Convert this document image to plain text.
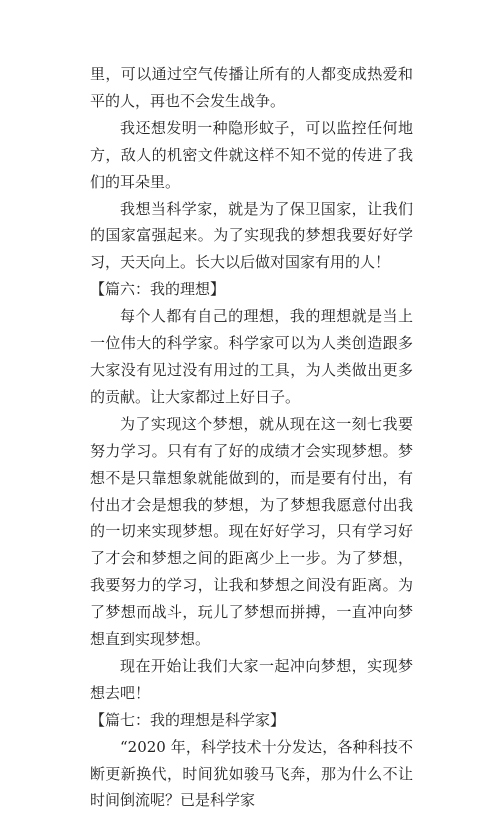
里，可以通过空气传播让所有的人都变成热爱和平的人，再也不会发生战争。

我还想发明一种隐形蚊子，可以监控任何地方，敌人的机密文件就这样不知不觉的传进了我们的耳朵里。

我想当科学家，就是为了保卫国家，让我们的国家富强起来。为了实现我的梦想我要好好学习，天天向上。长大以后做对国家有用的人！

【篇六：我的理想】

每个人都有自己的理想，我的理想就是当上一位伟大的科学家。科学家可以为人类创造跟多大家没有见过没有用过的工具，为人类做出更多的贡献。让大家都过上好日子。

为了实现这个梦想，就从现在这一刻七我要努力学习。只有有了好的成绩才会实现梦想。梦想不是只靠想象就能做到的，而是要有付出，有付出才会是想我的梦想，为了梦想我愿意付出我的一切来实现梦想。现在好好学习，只有学习好了才会和梦想之间的距离少上一步。为了梦想，我要努力的学习，让我和梦想之间没有距离。为了梦想而战斗，玩儿了梦想而拼搏，一直冲向梦想直到实现梦想。

现在开始让我们大家一起冲向梦想，实现梦想去吧！

【篇七：我的理想是科学家】

“2020 年，科学技术十分发达，各种科技不断更新换代，时间犹如骏马飞奔，那为什么不让时间倒流呢？已是科学家
